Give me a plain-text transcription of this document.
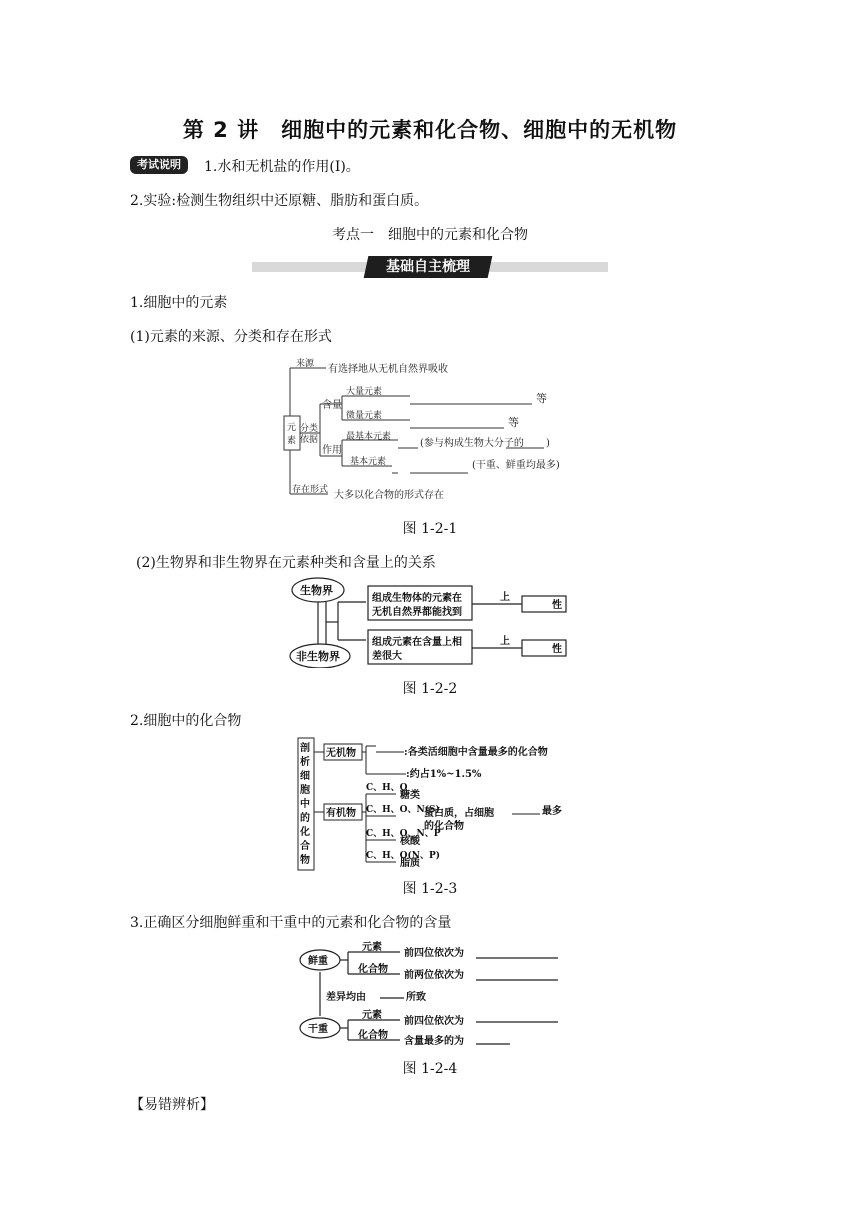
第 2 讲　细胞中的元素和化合物、细胞中的无机物
考试说明	1.水和无机盐的作用(Ⅰ)。
2.实验:检测生物组织中还原糖、脂肪和蛋白质。
考点一　细胞中的元素和化合物
基础自主梳理
1.细胞中的元素
(1)元素的来源、分类和存在形式
元
素
来源 有选择地从无机自然界吸收
含量
分类
依据
作用
大量元素	等
微量元素	等
最基本元素
(参与构成生物大分子的 )
基本元素	(干重、鲜重均最多)
存在形式 大多以化合物的形式存在
图 1-2-1
(2)生物界和非生物界在元素种类和含量上的关系
生物界
非生物界
组成生物体的元素在
无机自然界都能找到
组成元素在含量上相
差很大
上
上
性
性
图 1-2-2
2.细胞中的化合物
剖
析
细
胞
中
的
化
合
物
无机物
有机物
:各类活细胞中含量最多的化合物
:约占1%~1.5%
C、H、O
C、H、O、N(S)
C、H、O、N、P
C、H、O(N、P)
糖类
蛋白质，占细胞	最多
的化合物
核酸
脂质
图 1-2-3
3.正确区分细胞鲜重和干重中的元素和化合物的含量
鲜重
干重
元素
化合物
元素
化合物
前四位依次为
前两位依次为
前四位依次为
含量最多的为
差异均由	所致
图 1-2-4
【易错辨析】
